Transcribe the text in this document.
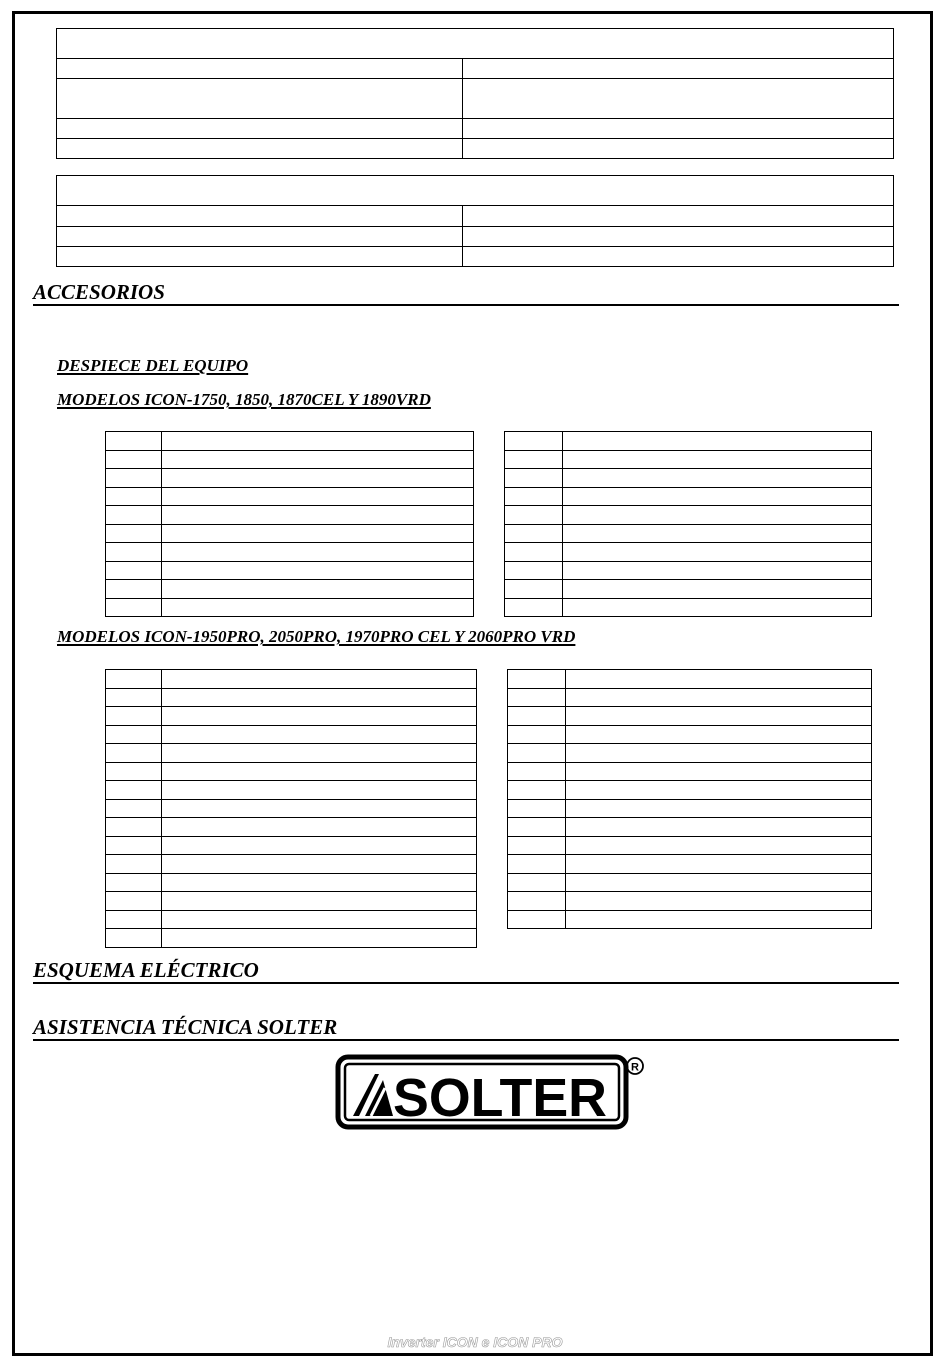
ACCESORIOS
DESPIECE DEL EQUIPO
MODELOS ICON-1750, 1850, 1870CEL Y 1890VRD

MODELOS ICON-1950PRO, 2050PRO, 1970PRO CEL Y 2060PRO VRD

ESQUEMA ELÉCTRICO
ASISTENCIA TÉCNICA SOLTER
SOLTER
R
Inverter ICON e ICON PRO
